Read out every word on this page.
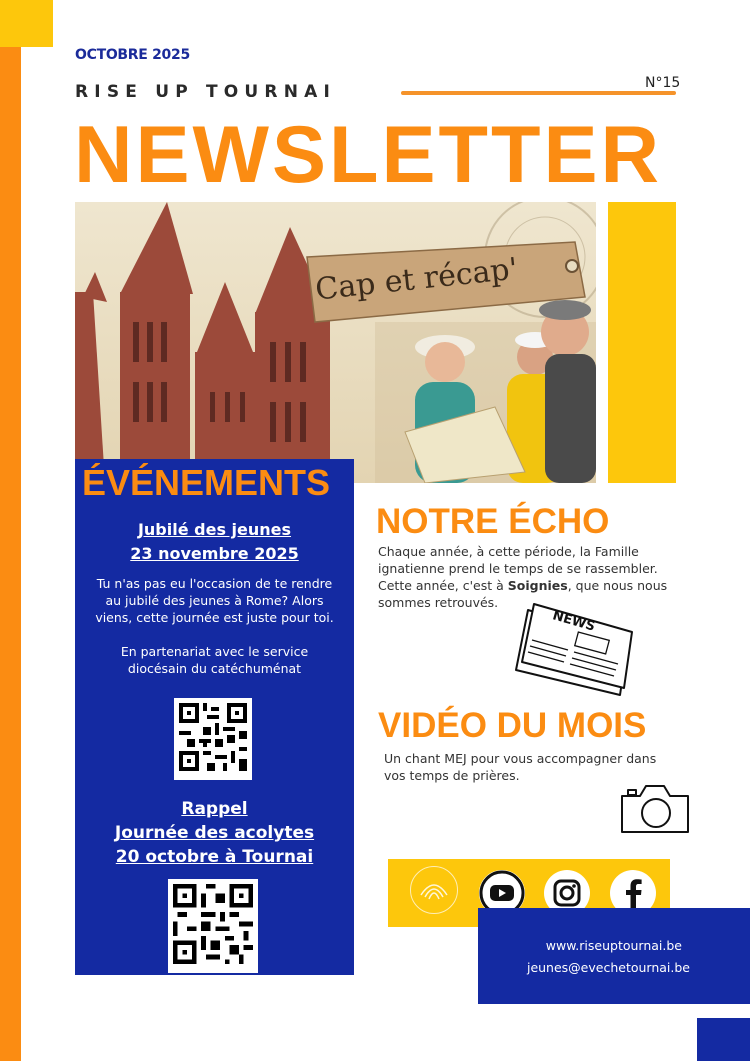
OCTOBRE 2025
RISE UP TOURNAI	N°15
NEWSLETTER
Cap et récap'
ÉVÉNEMENTS
Jubilé des jeunes
23 novembre 2025
Tu n'as pas eu l'occasion de te rendre
au jubilé des jeunes à Rome? Alors
viens, cette journée est juste pour toi.
En partenariat avec le service
diocésain du catéchuménat
Rappel
Journée des acolytes
20 octobre à Tournai
NOTRE ÉCHO
Chaque année, à cette période, la Famille
ignatienne prend le temps de se rassembler.
Cette année, c'est à Soignies, que nous nous
sommes retrouvés.
NEWS
VIDÉO DU MOIS
Un chant MEJ pour vous accompagner dans
vos temps de prières.
www.riseuptournai.be
jeunes@evechetournai.be
